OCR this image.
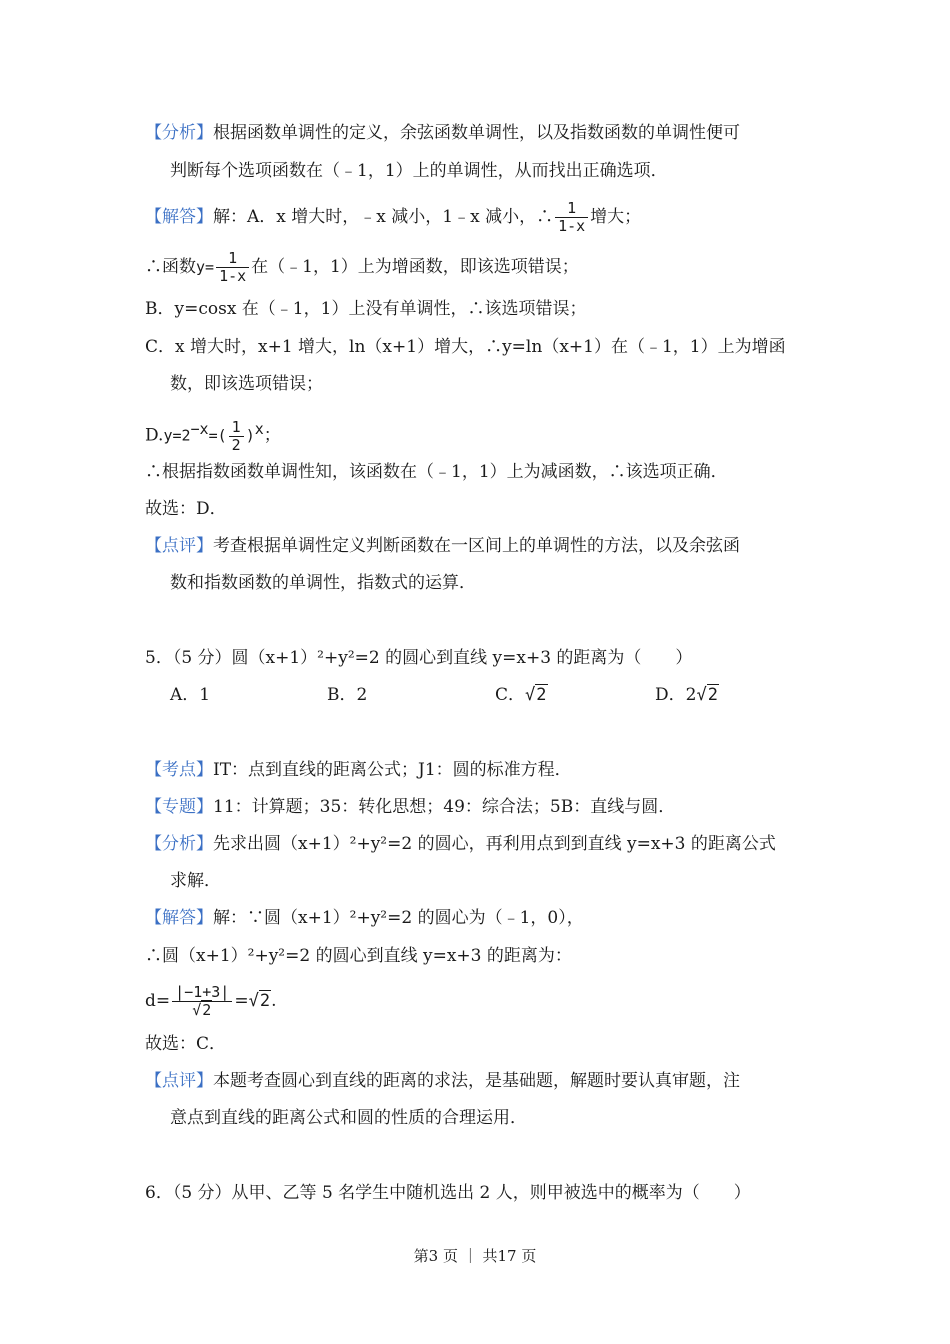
【分析】根据函数单调性的定义，余弦函数单调性，以及指数函数的单调性便可
判断每个选项函数在（﹣1，1）上的单调性，从而找出正确选项．
【解答】解：A．x 增大时，﹣x 减小，1﹣x 减小，∴ $\frac{1}{1-x}$ 增大；
∴函数$y= \frac{1}{1-x}$ 在（﹣1，1）上为增函数，即该选项错误；
B．y=cosx 在（﹣1，1）上没有单调性，∴该选项错误；
C．x 增大时，x+1 增大，ln（x+1）增大，∴y=ln（x+1）在（﹣1，1）上为增函
数，即该选项错误；
$D.y=2^{-x}=( \frac{1}{2} )^x$；
∴根据指数函数单调性知，该函数在（﹣1，1）上为减函数，∴该选项正确．
故选：D．
【点评】考查根据单调性定义判断函数在一区间上的单调性的方法，以及余弦函
数和指数函数的单调性，指数式的运算．
5．（5 分）圆（x+1）²+y²=2 的圆心到直线 y=x+3 的距离为（　　）
A．1	B．2	C．√2	D．2√2
【考点】IT：点到直线的距离公式；J1：圆的标准方程．
【专题】11：计算题；35：转化思想；49：综合法；5B：直线与圆．
【分析】先求出圆（x+1）²+y²=2 的圆心，再利用点到到直线 y=x+3 的距离公式
求解．
【解答】解：∵圆（x+1）²+y²=2 的圆心为（﹣1，0），
∴圆（x+1）²+y²=2 的圆心到直线 y=x+3 的距离为：
$d= \frac{|-1+3|}{√2} =√2$.
故选：C．
【点评】本题考查圆心到直线的距离的求法，是基础题，解题时要认真审题，注
意点到直线的距离公式和圆的性质的合理运用．
6．（5 分）从甲、乙等 5 名学生中随机选出 2 人，则甲被选中的概率为（　　）
第3 页 ｜ 共17 页
